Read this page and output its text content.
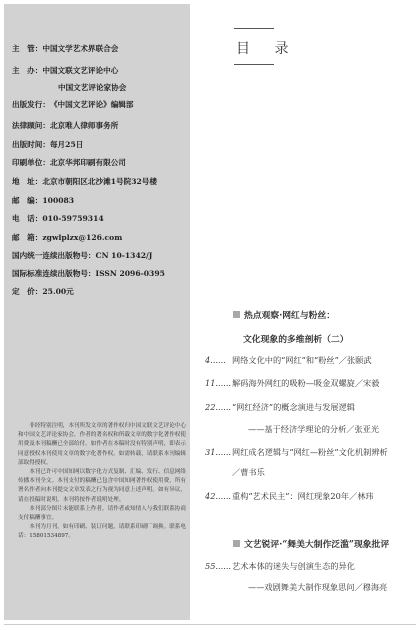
主　管：中国文学艺术界联合会
主　办：中国文联文艺评论中心
中国文艺评论家协会
出版发行：《中国文艺评论》编辑部
法律顾问：北京唯人律师事务所
出版时间：每月25日
印刷单位：北京华邦印刷有限公司
地　址：北京市朝阳区北沙滩1号院32号楼
邮　编：100083
电　话：010-59759314
邮　箱：zgwlplzx@126.com
国内统一连续出版物号：CN 10-1342/J
国际标准连续出版物号：ISSN 2096-0395
定　价：25.00元

非经特别注明，本刊所发文章的著作权归中国文联文艺评论中心和中国文艺评论家协会，作者的著名权和所载文章的数字化著作权使用费及本刊稿酬已全部给付。如作者在本稿时没有特别声明，即表示同意授权本刊使用文章的数字化著作权。如需转载，请联系本刊编辑部取得授权。

本刊已许可中国知网以数字化方式复制、汇编、发行、信息网络传播本刊全文。本刊支付的稿酬已包含中国知网著作权使用费，所有署名作者向本刊提交文章发表之行为视为同意上述声明。如有异议，请在投稿时说明，本刊将按作者说明处理。

本刊部分图片未能联系上作者，请作者或知情人与我们联系协商支付稿酬事宜。

本刊为月刊。如有印刷、装订问题，请联系印刷厂调换。联系电话：15801534897。

目 录
热点观察·网红与粉丝：
文化现象的多维剖析（二）
4...... 网络文化中的“网红”和“粉丝”／张颐武
11...... 解码海外网红的吸粉—吸金双螺旋／宋毅
22...... “网红经济”的概念演进与发展逻辑
——基于经济学理论的分析／张亚光
31...... 网红成名逻辑与“网红—粉丝”文化机制辨析
／曹书乐
42...... 重构“艺术民主”：网红现象20年／林玮
文艺锐评·“舞美大制作泛滥”现象批评
55...... 艺术本体的迷失与创演生态的异化
——戏剧舞美大制作现象思问／穆海亮
